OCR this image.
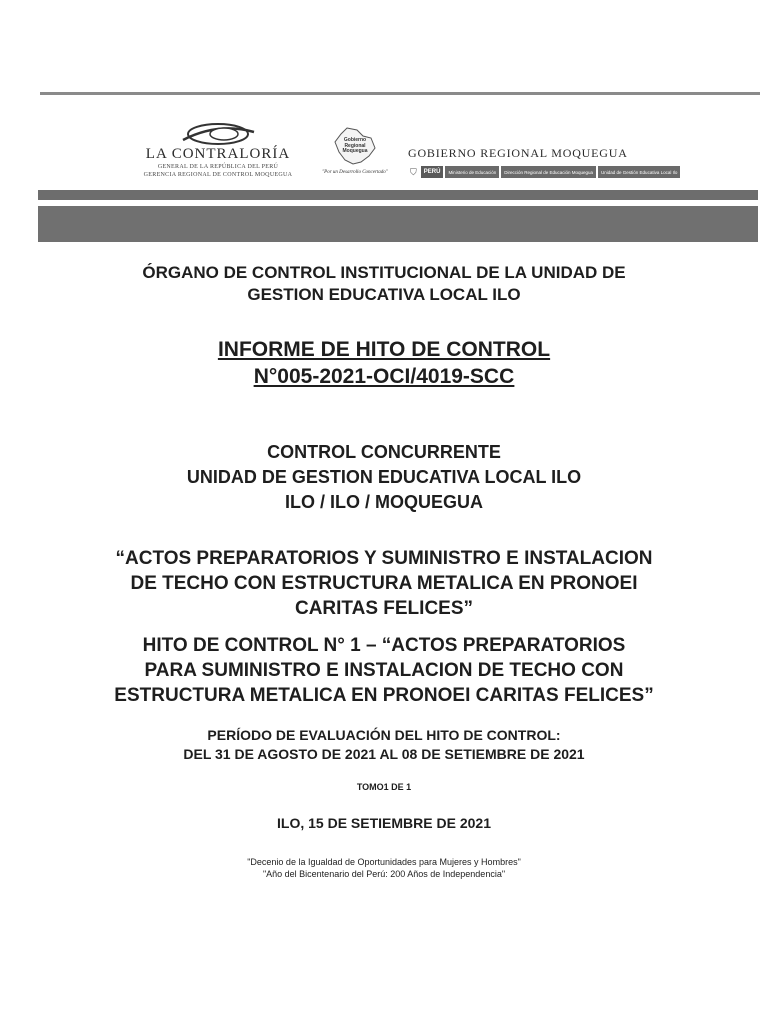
LA CONTRALORÍA
GENERAL DE LA REPÚBLICA DEL PERÚ
GERENCIA REGIONAL DE CONTROL MOQUEGUA
Gobierno
Regional
Moquegua
"Por un Desarrollo Concertado"
GOBIERNO REGIONAL MOQUEGUA
⛉	PERÚ	Ministerio de Educación	Dirección Regional de Educación Moquegua	Unidad de Gestión Educativa Local Ilo
ÓRGANO DE CONTROL INSTITUCIONAL DE LA UNIDAD DE
GESTION EDUCATIVA LOCAL ILO
INFORME DE HITO DE CONTROL
N°005-2021-OCI/4019-SCC
CONTROL CONCURRENTE
UNIDAD DE GESTION EDUCATIVA LOCAL ILO
ILO / ILO / MOQUEGUA
“ACTOS PREPARATORIOS Y SUMINISTRO E INSTALACION
DE TECHO CON ESTRUCTURA METALICA EN PRONOEI
CARITAS FELICES”
HITO DE CONTROL N° 1 – “ACTOS PREPARATORIOS
PARA SUMINISTRO E INSTALACION DE TECHO CON
ESTRUCTURA METALICA EN PRONOEI CARITAS FELICES”
PERÍODO DE EVALUACIÓN DEL HITO DE CONTROL:
DEL 31 DE AGOSTO DE 2021 AL 08 DE SETIEMBRE DE 2021
TOMO1 DE 1
ILO, 15 DE SETIEMBRE DE 2021
"Decenio de la Igualdad de Oportunidades para Mujeres y Hombres"
"Año del Bicentenario del Perú: 200 Años de Independencia"
